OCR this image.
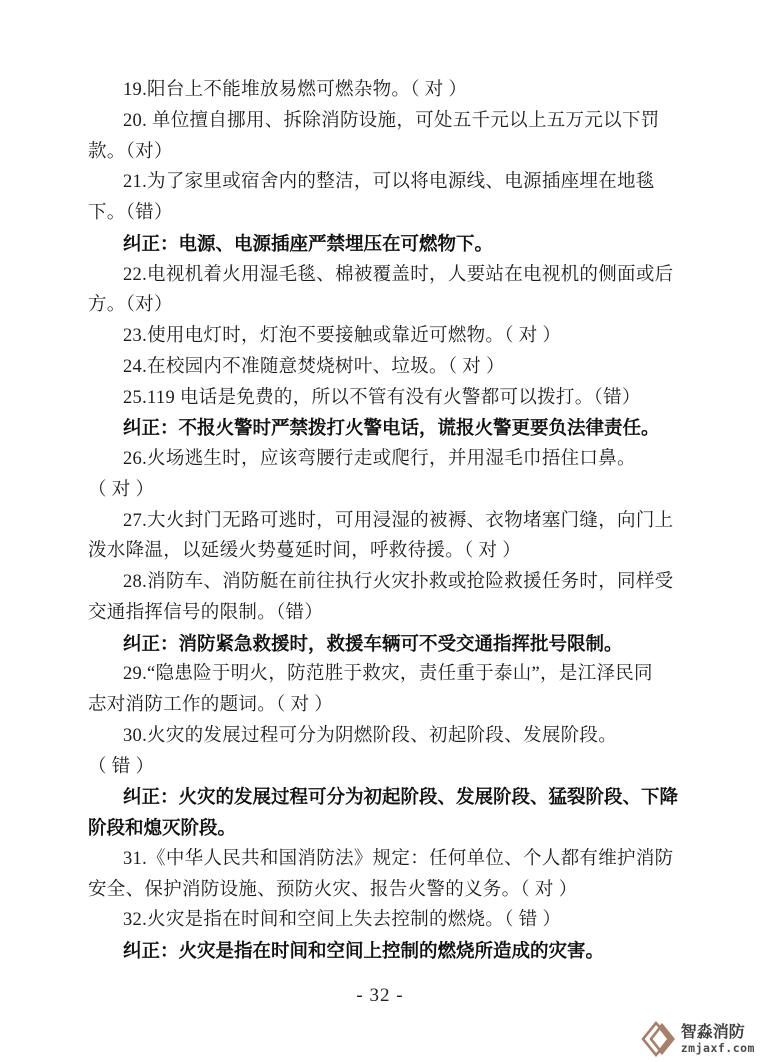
19.阳台上不能堆放易燃可燃杂物。（ 对 ）
20. 单位擅自挪用、拆除消防设施，可处五千元以上五万元以下罚
款。（对）
21.为了家里或宿舍内的整洁，可以将电源线、电源插座埋在地毯
下。（错）
纠正：电源、电源插座严禁埋压在可燃物下。
22.电视机着火用湿毛毯、棉被覆盖时，人要站在电视机的侧面或后
方。（对）
23.使用电灯时，灯泡不要接触或靠近可燃物。（ 对 ）
24.在校园内不准随意焚烧树叶、垃圾。（ 对 ）
25.119 电话是免费的，所以不管有没有火警都可以拨打。（错）
纠正：不报火警时严禁拨打火警电话，谎报火警更要负法律责任。
26.火场逃生时，应该弯腰行走或爬行，并用湿毛巾捂住口鼻。
（ 对 ）
27.大火封门无路可逃时，可用浸湿的被褥、衣物堵塞门缝，向门上
泼水降温，以延缓火势蔓延时间，呼救待援。（ 对 ）
28.消防车、消防艇在前往执行火灾扑救或抢险救援任务时，同样受
交通指挥信号的限制。（错）
纠正：消防紧急救援时，救援车辆可不受交通指挥批号限制。
29.“隐患险于明火，防范胜于救灾，责任重于泰山”，是江泽民同
志对消防工作的题词。（ 对 ）
30.火灾的发展过程可分为阴燃阶段、初起阶段、发展阶段。
（ 错 ）
纠正：火灾的发展过程可分为初起阶段、发展阶段、猛裂阶段、下降
阶段和熄灭阶段。
31.《中华人民共和国消防法》规定：任何单位、个人都有维护消防
安全、保护消防设施、预防火灾、报告火警的义务。（ 对 ）
32.火灾是指在时间和空间上失去控制的燃烧。（ 错 ）
纠正：火灾是指在时间和空间上控制的燃烧所造成的灾害。
- 32 -
智淼消防
zmjaxf.com
